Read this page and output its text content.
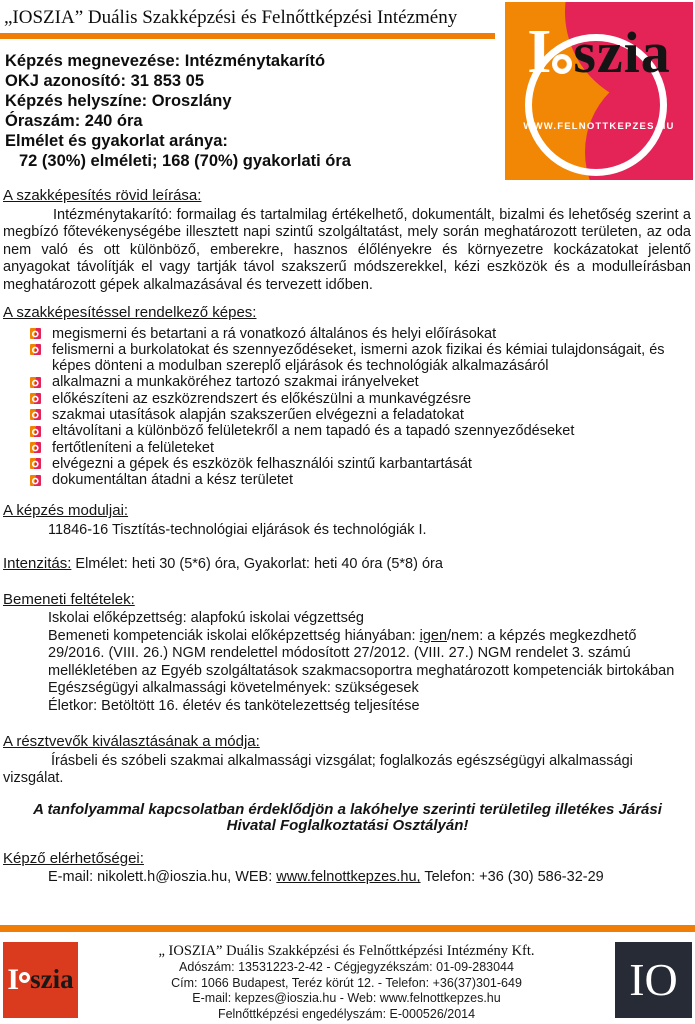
„IOSZIA” Duális Szakképzési és Felnőttképzési Intézmény
I szia
WWW.FELNOTTKEPZES.HU
Képzés megnevezése: Intézménytakarító
OKJ azonosító: 31 853 05
Képzés helyszíne: Oroszlány
Óraszám: 240 óra
Elmélet és gyakorlat aránya:
72 (30%) elméleti; 168 (70%) gyakorlati óra
A szakképesítés rövid leírása:
Intézménytakarító: formailag és tartalmilag értékelhető, dokumentált, bizalmi és lehetőség szerint a megbízó főtevékenységébe illesztett napi szintű szolgáltatást, mely során meghatározott területen, az oda nem való és ott különböző, emberekre, hasznos élőlényekre és környezetre kockázatokat jelentő anyagokat távolítják el vagy tartják távol szakszerű módszerekkel, kézi eszközök és a modulleírásban meghatározott gépek alkalmazásával és tervezett időben.
A szakképesítéssel rendelkező képes:
megismerni és betartani a rá vonatkozó általános és helyi előírásokat
felismerni a burkolatokat és szennyeződéseket, ismerni azok fizikai és kémiai tulajdonságait, és képes dönteni a modulban szereplő eljárások és technológiák alkalmazásáról
alkalmazni a munkaköréhez tartozó szakmai irányelveket
előkészíteni az eszközrendszert és előkészülni a munkavégzésre
szakmai utasítások alapján szakszerűen elvégezni a feladatokat
eltávolítani a különböző felületekről a nem tapadó és a tapadó szennyeződéseket
fertőtleníteni a felületeket
elvégezni a gépek és eszközök felhasználói szintű karbantartását
dokumentáltan átadni a kész területet
A képzés moduljai:
11846-16 Tisztítás-technológiai eljárások és technológiák I.
Intenzitás: Elmélet: heti 30 (5*6) óra, Gyakorlat: heti 40 óra (5*8) óra
Bemeneti feltételek:
Iskolai előképzettség: alapfokú iskolai végzettség
Bemeneti kompetenciák iskolai előképzettség hiányában: igen/nem: a képzés megkezdhető
29/2016. (VIII. 26.) NGM rendelettel módosított 27/2012. (VIII. 27.) NGM rendelet 3. számú mellékletében az Egyéb szolgáltatások szakmacsoportra meghatározott kompetenciák birtokában
Egészségügyi alkalmassági követelmények: szükségesek
Életkor: Betöltött 16. életév és tankötelezettség teljesítése
A résztvevők kiválasztásának a módja:
Írásbeli és szóbeli szakmai alkalmassági vizsgálat; foglalkozás egészségügyi alkalmassági vizsgálat.
A tanfolyammal kapcsolatban érdeklődjön a lakóhelye szerinti területileg illetékes Járási Hivatal Foglalkoztatási Osztályán!
Képző elérhetőségei:
E-mail: nikolett.h@ioszia.hu, WEB: www.felnottkepzes.hu, Telefon: +36 (30) 586-32-29
I szia
„ IOSZIA” Duális Szakképzési és Felnőttképzési Intézmény Kft.
Adószám: 13531223-2-42 - Cégjegyzékszám: 01-09-283044
Cím: 1066 Budapest, Teréz körút 12. - Telefon: +36(37)301-649
E-mail: kepzes@ioszia.hu - Web: www.felnottkepzes.hu
Felnőttképzési engedélyszám: E-000526/2014
IO
